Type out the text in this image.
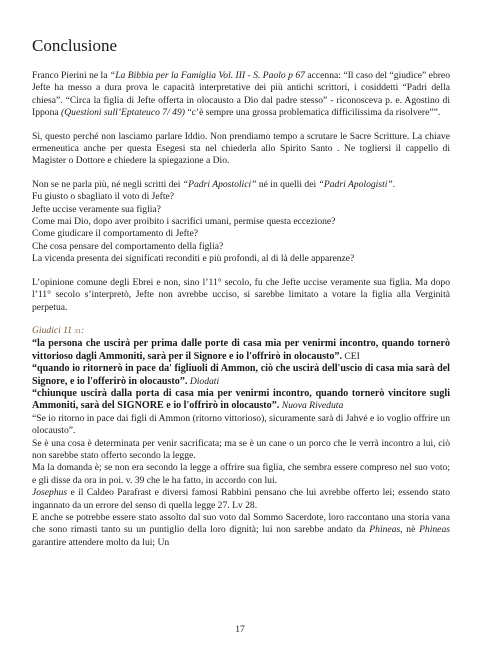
Conclusione

Franco Pierini ne la “La Bibbia per la Famiglia Vol. III - S. Paolo p 67 accenna: “Il caso del “giudice” ebreo Jefte ha messo a dura prova le capacità interpretative dei più antichi scrittori, i cosiddetti “Padri della chiesa”. “Circa la figlia di Jefte offerta in olocausto a Dio dal padre stesso” - riconosceva p. e. Agostino di Ippona (Questioni sull’Eptateuco 7/ 49) “c’è sempre una grossa problematica difficilissima da risolvere””.

Sì, questo perché non lasciamo parlare Iddio. Non prendiamo tempo a scrutare le Sacre Scritture. La chiave ermeneutica anche per questa Esegesi sta nel chiederla allo Spirito Santo . Ne togliersi il cappello di Magister o Dottore e chiedere la spiegazione a Dio.

Non se ne parla più, né negli scritti dei “Padri Apostolici” né in quelli dei “Padri Apologisti”.

Fu giusto o sbagliato il voto di Jefte?

Jefte uccise veramente sua figlia?

Come mai Dio, dopo aver proibito i sacrifici umani, permise questa eccezione?

Come giudicare il comportamento di Jefte?

Che cosa pensare del comportamento della figlia?

La vicenda presenta dei significati reconditi e più profondi, al di là delle apparenze?

L’opinione comune degli Ebrei e non, sino l’11° secolo, fu che Jefte uccise veramente sua figlia. Ma dopo l’11° secolo s’interpretò, Jefte non avrebbe ucciso, si sarebbe limitato a votare la figlia alla Verginità perpetua.

Giudici 11 31:

“la persona che uscirà per prima dalle porte di casa mia per venirmi incontro, quando tornerò vittorioso dagli Ammoniti, sarà per il Signore e io l'offrirò in olocausto”. CEI

“quando io ritornerò in pace da' figliuoli di Ammon, ciò che uscirà dell'uscio di casa mia sarà del Signore, e io l'offerirò in olocausto”. Diodati

“chiunque uscirà dalla porta di casa mia per venirmi incontro, quando tornerò vincitore sugli Ammoniti, sarà del SIGNORE e io l'offrirò in olocausto”. Nuova Riveduta

“Se io ritorno in pace dai figli di Ammon (ritorno vittorioso), sicuramente sarà di Jahvé e io voglio offrire un olocausto”.

Se è una cosa è determinata per venir sacrificata; ma se è un cane o un porco che le verrà incontro a lui, ciò non sarebbe stato offerto secondo la legge.

Ma la domanda è; se non era secondo la legge a offrire sua figlia, che sembra essere compreso nel suo voto; e gli disse da ora in poi. v. 39 che le ha fatto, in accordo con lui.

Josephus e il Caldeo Parafrast e diversi famosi Rabbini pensano che lui avrebbe offerto lei; essendo stato ingannato da un errore del senso di quella legge 27. Lv 28.

E anche se potrebbe essere stato assolto dal suo voto dal Sommo Sacerdote, loro raccontano una storia vana che sono rimasti tanto su un puntiglio della loro dignità; lui non sarebbe andato da Phineas, nè Phineas garantire attendere molto da lui; Un

17
